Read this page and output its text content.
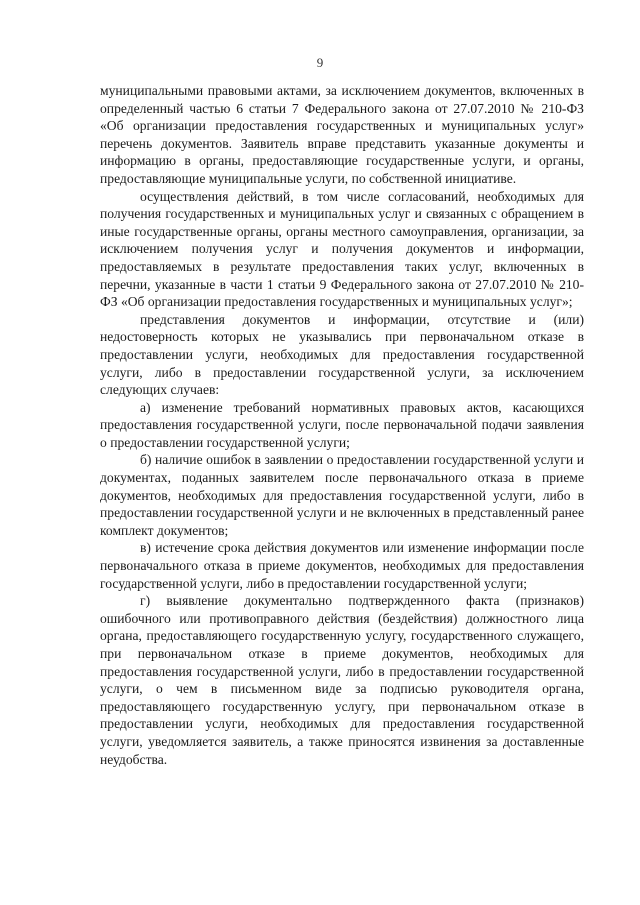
9

муниципальными правовыми актами, за исключением документов, включенных в определенный частью 6 статьи 7 Федерального закона от 27.07.2010 № 210-ФЗ «Об организации предоставления государственных и муниципальных услуг» перечень документов. Заявитель вправе представить указанные документы и информацию в органы, предоставляющие государственные услуги, и органы, предоставляющие муниципальные услуги, по собственной инициативе.

осуществления действий, в том числе согласований, необходимых для получения государственных и муниципальных услуг и связанных с обращением в иные государственные органы, органы местного самоуправления, организации, за исключением получения услуг и получения документов и информации, предоставляемых в результате предоставления таких услуг, включенных в перечни, указанные в части 1 статьи 9 Федерального закона от 27.07.2010 № 210-ФЗ «Об организации предоставления государственных и муниципальных услуг»;

представления документов и информации, отсутствие и (или) недостоверность которых не указывались при первоначальном отказе в предоставлении услуги, необходимых для предоставления государственной услуги, либо в предоставлении государственной услуги, за исключением следующих случаев:

а) изменение требований нормативных правовых актов, касающихся предоставления государственной услуги, после первоначальной подачи заявления о предоставлении государственной услуги;

б) наличие ошибок в заявлении о предоставлении государственной услуги и документах, поданных заявителем после первоначального отказа в приеме документов, необходимых для предоставления государственной услуги, либо в предоставлении государственной услуги и не включенных в представленный ранее комплект документов;

в) истечение срока действия документов или изменение информации после первоначального отказа в приеме документов, необходимых для предоставления государственной услуги, либо в предоставлении государственной услуги;

г) выявление документально подтвержденного факта (признаков) ошибочного или противоправного действия (бездействия) должностного лица органа, предоставляющего государственную услугу, государственного служащего, при первоначальном отказе в приеме документов, необходимых для предоставления государственной услуги, либо в предоставлении государственной услуги, о чем в письменном виде за подписью руководителя органа, предоставляющего государственную услугу, при первоначальном отказе в предоставлении услуги, необходимых для предоставления государственной услуги, уведомляется заявитель, а также приносятся извинения за доставленные неудобства.
